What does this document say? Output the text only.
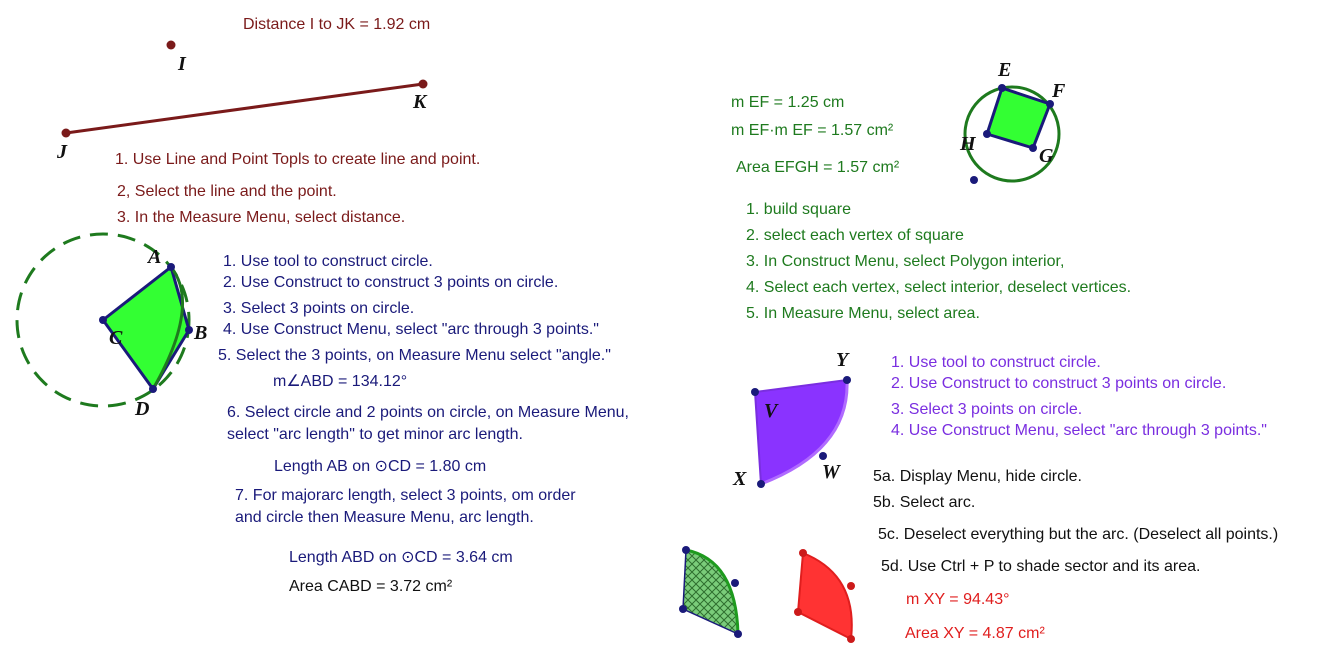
Distance I to JK = 1.92 cm
I
K
J	1. Use Line and Point Topls to create line and point.
2, Select the line and the point.
3. In the Measure Menu, select distance.
A
B
C
D
1. Use tool to construct circle.
2. Use Construct to construct 3 points on circle.
3. Select 3 points on circle.
4. Use Construct Menu, select "arc through 3 points."
5. Select the 3 points, on Measure Menu select "angle."
m∠ABD = 134.12°
6. Select circle and 2 points on circle, on Measure Menu,
select "arc length" to get minor arc length.
Length AB on ⊙CD = 1.80 cm
7. For majorarc length, select 3 points, om order
and circle then Measure Menu, arc length.
Length ABD on ⊙CD = 3.64 cm
Area CABD = 3.72 cm²
m EF = 1.25 cm
m EF·m EF = 1.57 cm²
Area EFGH = 1.57 cm²
E
F
G
H
1. build square
2. select each vertex of square
3. In Construct Menu, select Polygon interior,
4. Select each vertex, select interior, deselect vertices.
5. In Measure Menu, select area.
Y
V
W
X
1. Use tool to construct circle.
2. Use Construct to construct 3 points on circle.
3. Select 3 points on circle.
4. Use Construct Menu, select "arc through 3 points."
5a. Display Menu, hide circle.
5b. Select arc.
5c. Deselect everything but the arc. (Deselect all points.)
5d. Use Ctrl + P to shade sector and its area.
m XY = 94.43°
Area XY = 4.87 cm²
